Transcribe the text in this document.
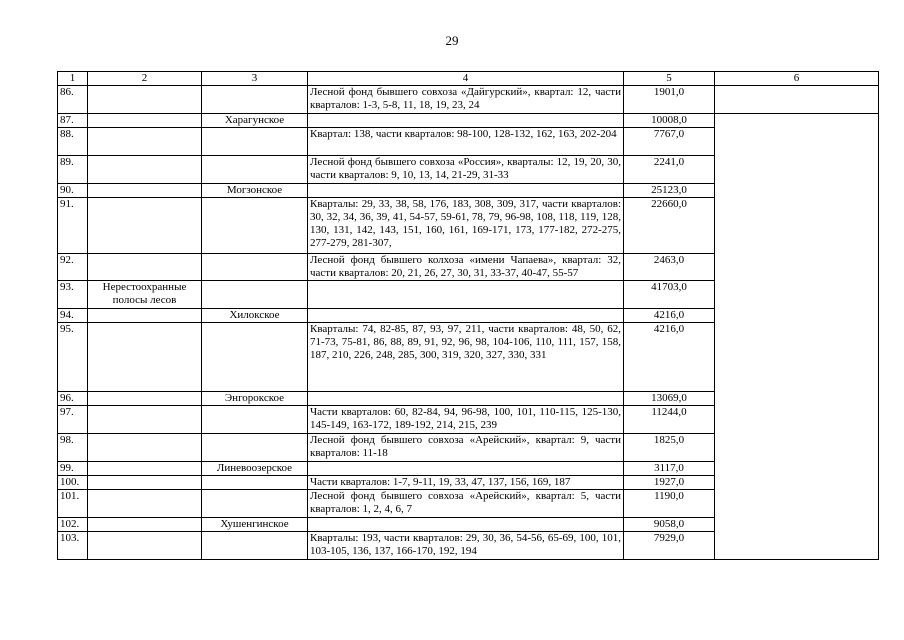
29
1	2	3	4	5	6
86.			Лесной фонд бывшего совхоза «Дайгурский», квартал: 12, части кварталов: 1-3, 5-8, 11, 18, 19, 23, 24	1901,0	
87.		Харагунское		10008,0	
88.			Квартал: 138, части кварталов: 98-100, 128-132, 162, 163, 202-204	7767,0	
89.			Лесной фонд бывшего совхоза «Россия», кварталы: 12, 19, 20, 30, части кварталов: 9, 10, 13, 14, 21-29, 31-33	2241,0	
90.		Могзонское		25123,0	
91.			Кварталы: 29, 33, 38, 58, 176, 183, 308, 309, 317, части кварталов: 30, 32, 34, 36, 39, 41, 54-57, 59-61, 78, 79, 96-98, 108, 118, 119, 128, 130, 131, 142, 143, 151, 160, 161, 169-171, 173, 177-182, 272-275, 277-279, 281-307,	22660,0	
92.			Лесной фонд бывшего колхоза «имени Чапаева», квартал: 32, части кварталов: 20, 21, 26, 27, 30, 31, 33-37, 40-47, 55-57	2463,0	
93.	Нерестоохранные полосы лесов			41703,0	
94.		Хилокское		4216,0	
95.			Кварталы: 74, 82-85, 87, 93, 97, 211, части кварталов: 48, 50, 62, 71-73, 75-81, 86, 88, 89, 91, 92, 96, 98, 104-106, 110, 111, 157, 158, 187, 210, 226, 248, 285, 300, 319, 320, 327, 330, 331	4216,0	
96.		Энгорокское		13069,0	
97.			Части кварталов: 60, 82-84, 94, 96-98, 100, 101, 110-115, 125-130, 145-149, 163-172, 189-192, 214, 215, 239	11244,0	
98.			Лесной фонд бывшего совхоза «Арейский», квартал: 9, части кварталов: 11-18	1825,0	
99.		Линевоозерское		3117,0	
100.			Части кварталов: 1-7, 9-11, 19, 33, 47, 137, 156, 169, 187	1927,0	
101.			Лесной фонд бывшего совхоза «Арейский», квартал: 5, части кварталов: 1, 2, 4, 6, 7	1190,0	
102.		Хушенгинское		9058,0	
103.			Кварталы: 193, части кварталов: 29, 30, 36, 54-56, 65-69, 100, 101, 103-105, 136, 137, 166-170, 192, 194	7929,0	
